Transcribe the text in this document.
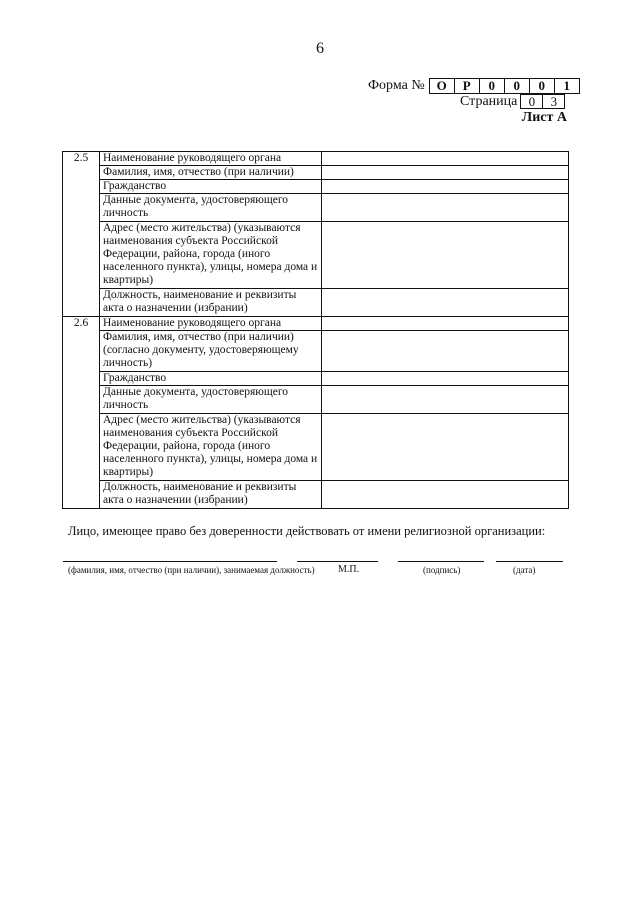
6
Форма № О	Р	0	0	0	1
Страница 0	3
Лист А
2.5	Наименование руководящего органа	
	Фамилия, имя, отчество (при наличии)	
	Гражданство	
	Данные документа, удостоверяющего личность	
	Адрес (место жительства) (указываются наименования субъекта Российской Федерации, района, города (иного населенного пункта), улицы, номера дома и квартиры)	
	Должность, наименование и реквизиты акта о назначении (избрании)	
2.6	Наименование руководящего органа	
	Фамилия, имя, отчество (при наличии) (согласно документу, удостоверяющему личность)	
	Гражданство	
	Данные документа, удостоверяющего личность	
	Адрес (место жительства) (указываются наименования субъекта Российской Федерации, района, города (иного населенного пункта), улицы, номера дома и квартиры)	
	Должность, наименование и реквизиты акта о назначении (избрании)	
Лицо, имеющее право без доверенности действовать от имени религиозной организации:
(фамилия, имя, отчество (при наличии), занимаемая должность) М.П.	(подпись)	(дата)
